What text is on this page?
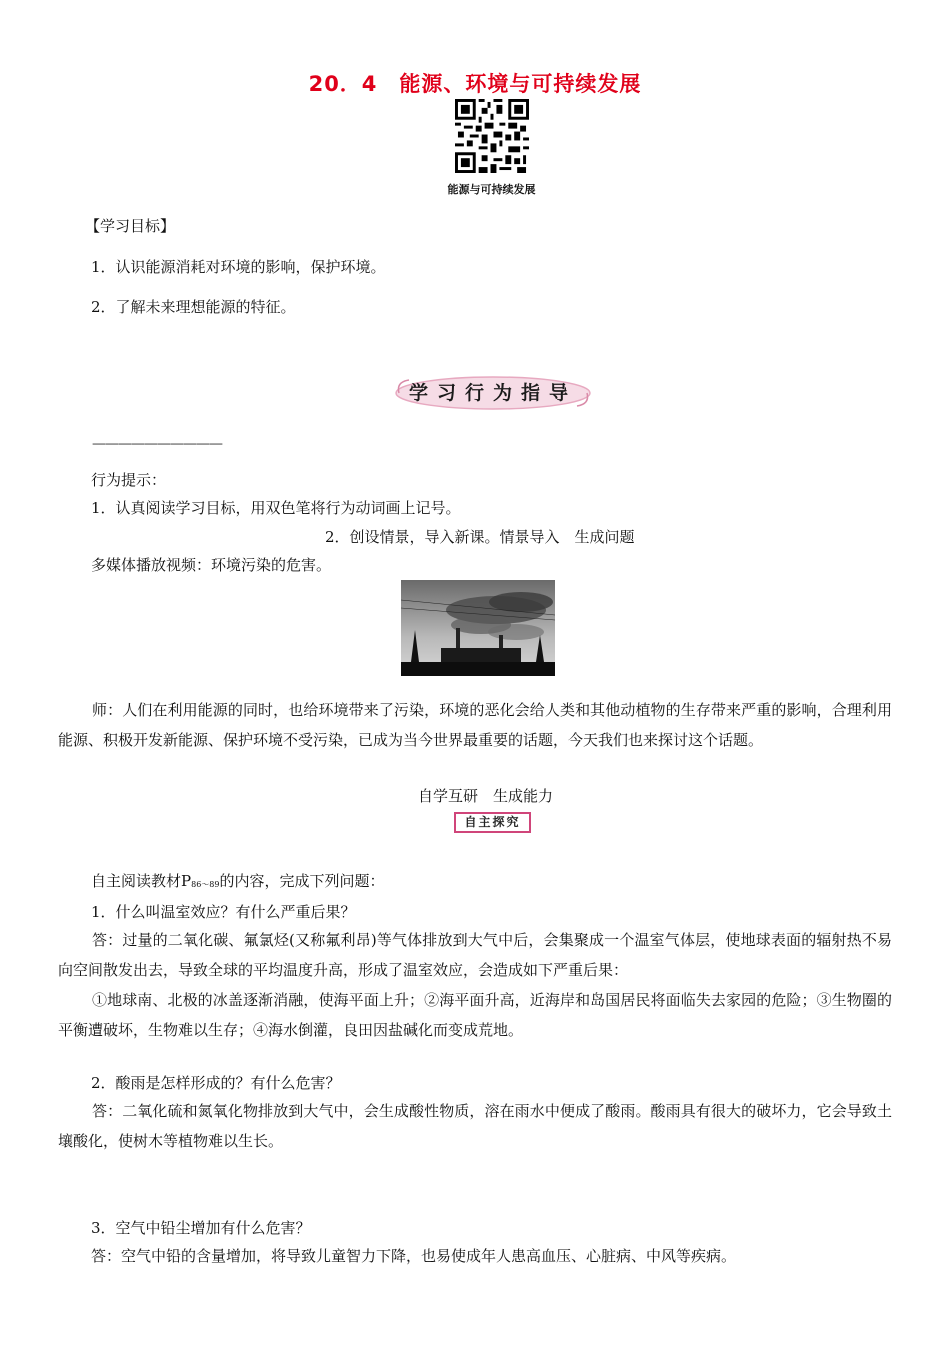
20．4　能源、环境与可持续发展
能源与可持续发展
【学习目标】
1．认识能源消耗对环境的影响，保护环境。
2．了解未来理想能源的特征。
学习行为指导
——————————
行为提示：
1．认真阅读学习目标，用双色笔将行为动词画上记号。
2．创设情景，导入新课。情景导入　生成问题
多媒体播放视频：环境污染的危害。
师：人们在利用能源的同时，也给环境带来了污染，环境的恶化会给人类和其他动植物的生存带来严重的影响，合理利用能源、积极开发新能源、保护环境不受污染，已成为当今世界最重要的话题，今天我们也来探讨这个话题。
自学互研　生成能力
自主探究
自主阅读教材P86～89的内容，完成下列问题：
1．什么叫温室效应？有什么严重后果？
答：过量的二氧化碳、氟氯烃(又称氟利昂)等气体排放到大气中后，会集聚成一个温室气体层，使地球表面的辐射热不易向空间散发出去，导致全球的平均温度升高，形成了温室效应，会造成如下严重后果：
①地球南、北极的冰盖逐渐消融，使海平面上升；②海平面升高，近海岸和岛国居民将面临失去家园的危险；③生物圈的平衡遭破坏，生物难以生存；④海水倒灌，良田因盐碱化而变成荒地。
2．酸雨是怎样形成的？有什么危害？
答：二氧化硫和氮氧化物排放到大气中，会生成酸性物质，溶在雨水中便成了酸雨。酸雨具有很大的破坏力，它会导致土壤酸化，使树木等植物难以生长。
3．空气中铅尘增加有什么危害？
答：空气中铅的含量增加，将导致儿童智力下降，也易使成年人患高血压、心脏病、中风等疾病。
